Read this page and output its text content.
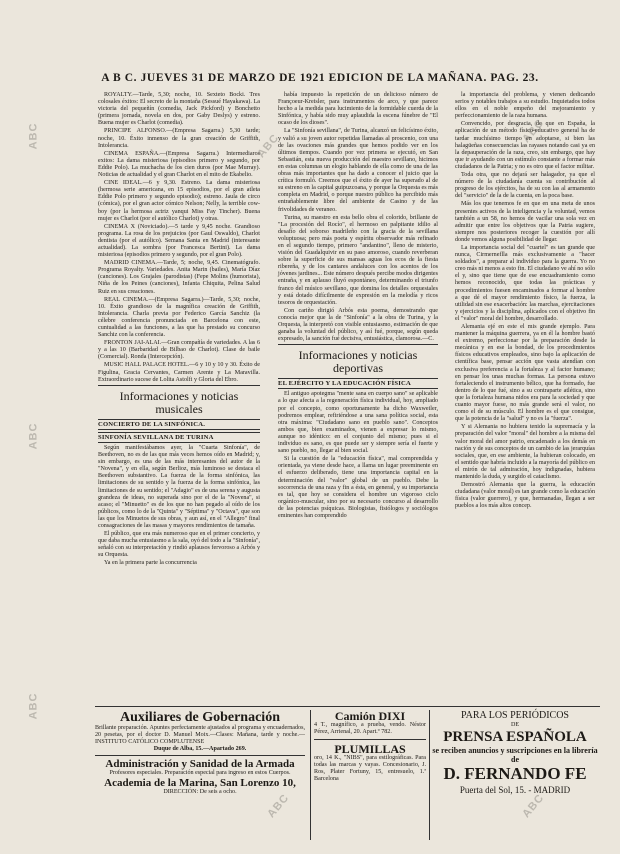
ABC	ABC
ABC
ABC
ABC
ABC	ABC
A B C. JUEVES 31 DE MARZO DE 1921 EDICION DE LA MAÑANA. PAG. 23.

ROYALTY.—Tarde, 5,30; noche, 10. Sexteto Bocki. Tres colosales éxitos: El secreto de la montaña (Sessué Hayakawa). La victoria del pequeñín (comedia, Jack Pickford) y Bonchetto (primera jornada, novela en dos, por Gaby Deslys) y estreno. Buena mujer es Charlot (comedia).

PRINCIPE ALFONSO.—(Empresa Sagarra.) 5,30 tarde; noche, 10. Éxito inmenso de la gran creación de Griffith, Intolerancia.

CINEMA ESPAÑA.—(Empresa Sagarra.) Intermediaros exitos: La dama misteriosa (episodios primero y segundo, por Eddie Polo). La muchacha de los cien duros (por Mae Murray). Noticias de actualidad y el gran Charlot en el mito de Ekabelio.

CINE IDEAL.—6 y 9,30. Estreno. La dama misteriosa (hermosa serie americana, en 15 episodios, por el gran atleta Eddie Polo primero y segundo episodio); estreno. Jaula de circo (cómica), por el gran actor cómico Nelson; Nelly, la terrible cow-boy (por la hermosa actriz yanqui Miss Fay Tincher). Buena mujer es Charlot (por el autólico Charlot) y otras.

CINEMA X (Noviciado).—5 tarde y 9,45 noche. Grandioso programa. La rosa de los prejuicios (por Gaul Oswaldo), Charlot dentista (por el autólico). Semana Santa en Madrid (interesante actualidad). La sombra (por Francesca Bertini). La dama misteriosa (episodios primero y segundo, por el gran Polo).

MADRID CINEMA.—Tarde, 5; noche, 9,45. Cinematógrafo. Programa Royalty. Variedades. Anita Marin (bailes), María Díaz (canciones). Los Grajales (parodistas) (Fepe Molins (humorista), Niña de los Peines (canciones), Infanta Chiquita, Pelina Salud Ruiz en sus creaciones.

REAL CINEMA.—(Empresa Sagarra.)—Tarde, 5,30; noche, 10. Éxito grandioso de la magnífica creación de Griffith, Intolerancia. Charla previa por Federico García Sanchiz (la célebre conferencia pronunciada en Barcelona con este, cuntualidad a las funciones, a las que ha prestado su concurso Sanchiz con la conferencia.

FRONTON JAI-ALAI.—Gran compañía de variedades. A las 6 y a las 10 (Barbaridad de Bilbao de Charlot). Clase de baile (Comercial). Ronda (Intercepción).

MUSIC HALL PALACE HOTEL.—6 y 10 y 10 y 30. Éxito de Figulina, Gracia Cervantes, Carmen Arente y La Maravilla. Extraordinario sucese de Lolita Astolfi y Gloria del Ebro.

Informaciones y noticias musicales
CONCIERTO DE LA SINFÓNICA.
SINFONÍA SEVILLANA DE TURINA

Según manifestábamos ayer, la "Cuarta Sinfonía", de Beethoven, no es de las que más veces hemos oído en Madrid; y, sin embargo, es una de las más interesantes del autor de la "Novena", y en ella, según Berlioz, más luminoso se destaca el Beethoven substantivo. La fuerza de la forma sinfónica, las limitaciones de su sentido y la fuerza de la forma sinfónica, las limitaciones de su sentido; el "Adagio" es de una serena y augusta grandeza de ideas, no superada sino por el de la "Novena", si acaso; el "Minuetto" es de los que no han pegado al oído de los públicos, como lo de la "Quinta" y "Séptima" y "Octava", que son las que los Minuetos de sus obras, y aun así, en el "Allegro" final consagraciones de las masas y mayores rendimientos de tamaña.

El público, que era más numeroso que en el primer concierto, y que daba mucha entusiasmo a la sala, oyó del todo a la "Sinfonía", señaló con su interpretación y rindió aplausos fervoroso a Arbós y su Orquesta.

Ya en la primera parte la concurrencia

había impuesto la repetición de un delicioso número de Françoeur-Kreisler, para instrumentos de arco, y que parece hecho a la medida para lucimiento de la formidable cuerda de la Sinfónica, y había sido muy aplaudida la escena fúnebre de "El ocaso de los dioses".

La "Sinfonía sevillana", de Turina, alcanzó un felicísimo éxito, y valió a su joven autor repetidas llamadas al proscenio, con una de las ovaciones más grandes que hemos podido ver en los últimos tiempos. Cuando por vez primera se ejecutó, en San Sebastián, esta nueva producción del maestro sevillano, hicimos en estas columnas un elogio hablando de ella como de una de las obras más importantes que ha dado a conocer el juicio que la crítica formuló. Creemos que el éxito de ayer ha superado al de su estreno en la capital guipuzcoana, y porque la Orquesta es más completa en Madrid, o porque nuestro público ha percibido más entrañablemente libre del ambiente de Casino y de las frivolidades de veraneo.

Turina, su maestro en esta bello obra el colorido, brillante de "La procesión del Rocío", el hermoso en palpitante idilio al desafío del soborso madrileño con la gracia de la sevillana voluptuosa; pero más poeta y espíritu observador más refinado en el segundo tiempo, primero "andantino", lleno de misterio, visión del Guadalquivir en su paso amoroso, cuando reverberan sobre la superficie de sus mansas aguas los ecos de la fiesta ribereña, y de los cantares andaluces con los acentos de los jóvenes jardines... Este número después percibe modos dirigentes entraña, y en aplauso fluyó espontáneo, determinando el triunfo franco del músico sevillano, que domina los detalles orquestales y está dotado difícilmente de expresión en la melodía y ricos tesoros de orquestación.

Con cariño dirigió Arbós esta poema, demostrando que conocía mejor que la de "Sinfonía" a la obra de Turina, y la Orquesta, la interpretó con visible entusiasmo, estimación de que ganaba la voluntad del público, y así fué, porque, según queda expresado, la sanción fué decisiva, entusiástica, clamorosa.—C.

Informaciones y noticias deportivas
EL EJÉRCITO Y LA EDUCACIÓN FÍSICA

El antiguo apotegma "mente sana en cuerpo sano" se aplicable a lo que afecta a la regeneración física individual, hoy, ampliado por el concepto, como oportunamente ha dicho Waxweiler, podremos emplear, refiriéndose a una sana política social, esta otra máxima: "Ciudadano sano en pueblo sano". Conceptos ambos que, bien examinados, vienen a expresar lo mismo, aunque no idéntico: en el conjunto del mismo; pues si el individuo es sano, es que puede ser y siempre sería el fuerte y sano pueblo, no, llegar al bien social.

Si la cuestión de la "educación física", mal comprendida y orientada, ya viene desde hace, a llama un lugar preeminente en el esfuerzo deliberado, tiene una importancia capital en la determinación del "valor" global de un pueblo. Debe la socorrencia de una raza y fin a ésta, en general, y su importancia es tal, que hoy se considera el hombre un vigoroso ciclo orgánico-muscular, sino por su necesario concurso al desarrollo de las potencias psíquicas. Biologistas, fisiólogos y sociólogos eminentes han comprendido

la importancia del problema, y vienen dedicando serios y notables trabajos a su estudio. Inquietados todos ellos en el noble empeño del mejoramiento y perfeccionamiento de la raza humana.

Convencido, por desgracia, de que en España, la aplicación de un método físico-educativo general ha de tardar muchísimo tiempo en adoptarse, si bien las halagüeñas consecuencias las rayases notando casi ya en la depauperación de la raza, creo, sin embargo, que hay que ir ayudando con un estímulo constante a formar más ciudadanos de la Patria; y no es otro que el factor militar.

Toda otra, que no dejará ser halagador, ya que el número de la ciudadanía cuenta su contribución al progreso de los ejércitos, ha de su con las al armamento del "servicio" de la de la cuenta, en la poca base.

Más los que tenemos fe en que en una meta de unos presentes activos de la inteligencia y la voluntad, vemos también a un 58, no hemos de vacilar una sola vez en admitir que entre los objetivos que la Patria sugiere, siempre nos posteriores recoger la cuestión por allí donde vemos alguna posibilidad de llegar.

La importancia social del "cuartel" es tan grande que nunca, Cirmerneflla más exclusivamente a "hacer soldados", a preparar al individuo para la guerra. Yo no creo más ni menos a esto fin. El ciudadano ve ahí no sólo el y, sino que tiene que de ese encuadramiento como hemos reconocido, que todas las prácticas y procedimientos fuesen encaminados a formar al hombre a que dé el mayor rendimiento físico, la fuerza, la utilidad sin ese exacerbación: las marchas, ejercitaciones y ejercicios y la disciplina, aplicados con el objetivo fin el "valor" moral del hombre, desarrollado.

Alemania ejé en este el mis grande ejemplo. Para mantener la máquina guerrera, ya en él la hombre bastó el extremo, perfeccionar por la preparación desde la mecánica y en ese la bondad, de los procedimientos físicos educativos empleados, sino bajo la aplicación de científica base, pensar acción que vasta atendían con exclusiva preferencia a la fortaleza y al factor humano; en pensar los unas muchas formas. La persona estuvo fortaleciendo el instrumento bélico, que ha formado, fue dentro de lo que fué, sino a su contraparte atlética, sino que la fortaleza humana nidos era para la sociedad y que cuanto mayor fuese, no más grande será el valor, no como el de su músculo. El hombre es el que consigue, que la potencia de la "salud" y no es la "fuerza".

Y si Alemania no hubiera tenido la supremacía y la preparación del valor "moral" del hombre a la misma del valor moral del amor patrio, encadenado a los demás en nación y de sus conceptos de un cambio de las jerarquías sociales, que, en ese ambiente, la hubieran colocado, en el sentido que habría incluido a la mayoría del público en el mirón de tal admiración, hoy indignadas, hubiera mantenido la duda, y surgido el cataclismo.

Demostró Alemania que la guerra, la educación ciudadana (valor moral) es tan grande como la educación física (valor guerrero), y que, hermanadas, llegan a ser pueblos a los más altos concep.

Auxiliares de Gobernación
Brillante preparación. Apuntes perfectamente ajustados al programa y encuadernados, 20 pesetas, por el doctor D. Manuel Moix.—Clases: Mañana, tarde y noche.—INSTITUTO CATÓLICO COMPLUTENSE
Duque de Alba, 15.—Apartado 269.
Administración y Sanidad de la Armada
Profesores especiales. Preparación especial para ingreso en estos Cuerpos.
Academia de la Marina, San Lorenzo 10,
DIRECCIÓN: De seis a ocho.
Camión DIXI
4 T., magnífico, a prueba, vendo. Néstor Pérez, Arrienal, 20. Apart.º 782.
PLUMILLAS
oro, 14 K., "NIBS", para estilográficas. Para todas las marcas y vayas. Concesionario, J. Ros, Plater Fortuny, 15, entresuelo, 1.ª Barcelona
PARA LOS PERIÓDICOS
DE
PRENSA ESPAÑOLA
se reciben anuncios y suscripciones en la librería de
D. FERNANDO FE
Puerta del Sol, 15. - MADRID
